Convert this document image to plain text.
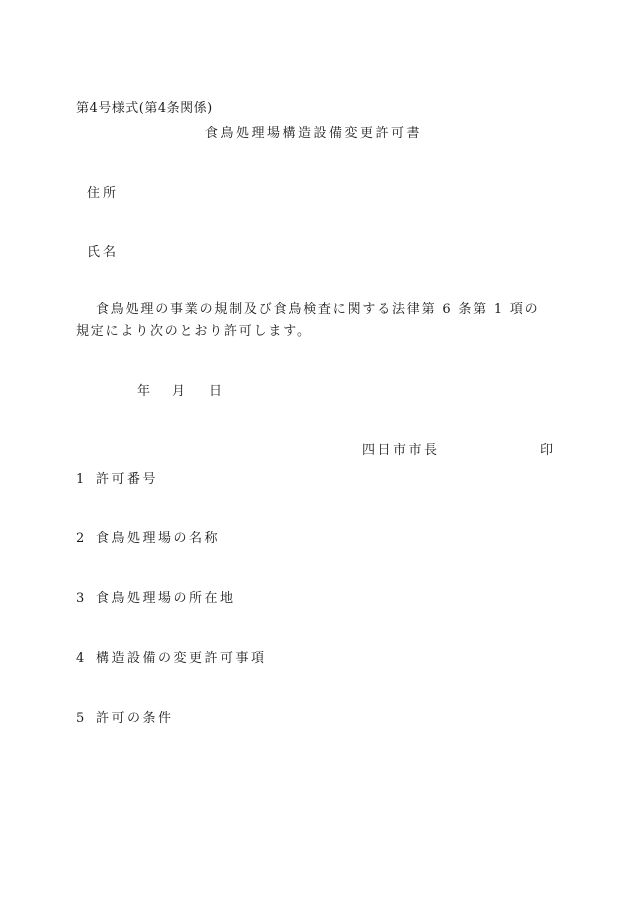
第4号様式(第4条関係)
食鳥処理場構造設備変更許可書
住所
氏名
食鳥処理の事業の規制及び食鳥検査に関する法律第 6 条第 1 項の規定により次のとおり許可します。
年 月 日
四日市市長	印
1 許可番号
2 食鳥処理場の名称
3 食鳥処理場の所在地
4 構造設備の変更許可事項
5 許可の条件
